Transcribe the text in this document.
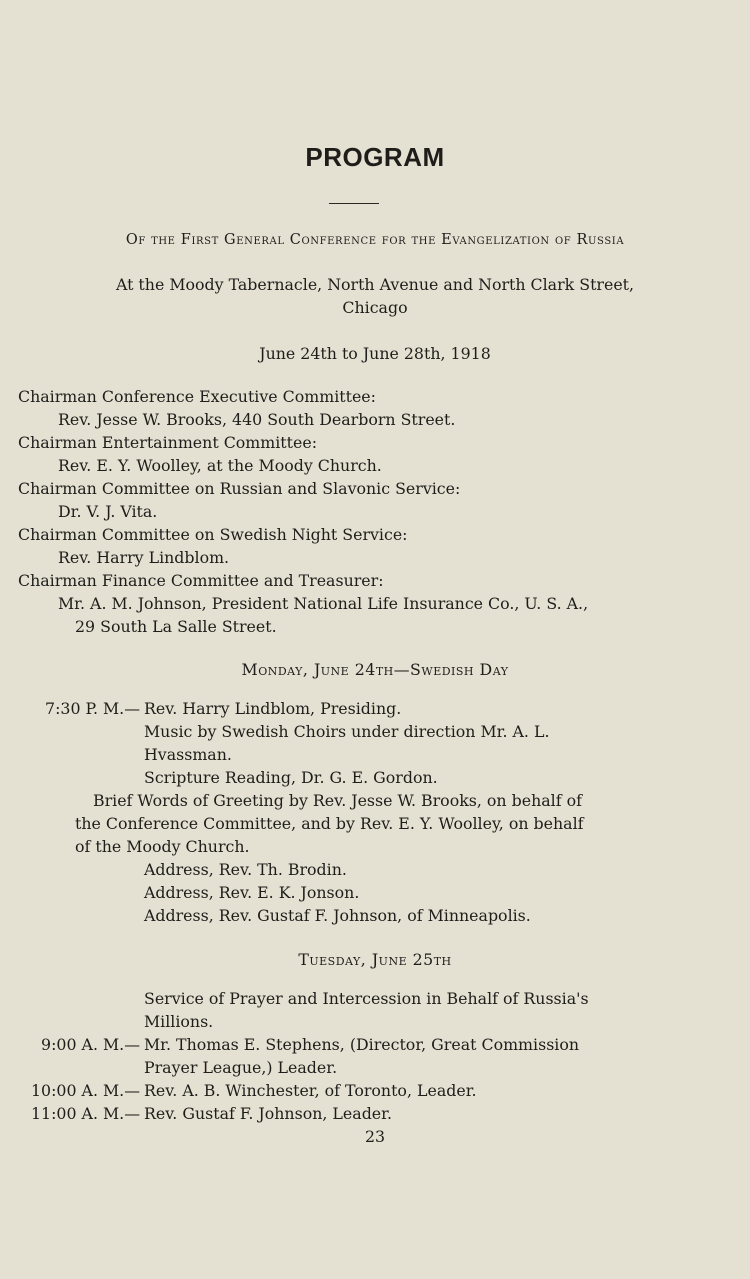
PROGRAM
Of the First General Conference for the Evangelization of Russia
At the Moody Tabernacle, North Avenue and North Clark Street,
Chicago
June 24th to June 28th, 1918
Chairman Conference Executive Committee:
Rev. Jesse W. Brooks, 440 South Dearborn Street.
Chairman Entertainment Committee:
Rev. E. Y. Woolley, at the Moody Church.
Chairman Committee on Russian and Slavonic Service:
Dr. V. J. Vita.
Chairman Committee on Swedish Night Service:
Rev. Harry Lindblom.
Chairman Finance Committee and Treasurer:
Mr. A. M. Johnson, President National Life Insurance Co., U. S. A.,
29 South La Salle Street.
Monday, June 24th—Swedish Day
7:30 P. M.— Rev. Harry Lindblom, Presiding.
Music by Swedish Choirs under direction Mr. A. L.
Hvassman.
Scripture Reading, Dr. G. E. Gordon.
Brief Words of Greeting by Rev. Jesse W. Brooks, on behalf of
the Conference Committee, and by Rev. E. Y. Woolley, on behalf
of the Moody Church.
Address, Rev. Th. Brodin.
Address, Rev. E. K. Jonson.
Address, Rev. Gustaf F. Johnson, of Minneapolis.
Tuesday, June 25th
Service of Prayer and Intercession in Behalf of Russia's
Millions.
9:00 A. M.— Mr. Thomas E. Stephens, (Director, Great Commission
Prayer League,) Leader.
10:00 A. M.— Rev. A. B. Winchester, of Toronto, Leader.
11:00 A. M.— Rev. Gustaf F. Johnson, Leader.
23
